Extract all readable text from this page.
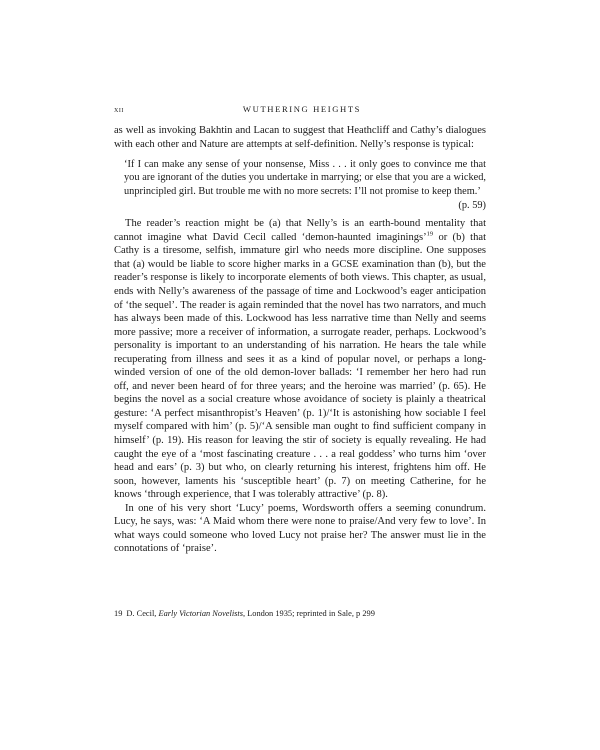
xii	WUTHERING HEIGHTS

as well as invoking Bakhtin and Lacan to suggest that Heathcliff and Cathy’s dialogues with each other and Nature are attempts at self-definition. Nelly’s response is typical:

‘If I can make any sense of your nonsense, Miss . . . it only goes to convince me that you are ignorant of the duties you undertake in marrying; or else that you are a wicked, unprincipled girl. But trouble me with no more secrets: I’ll not promise to keep them.’

(p. 59)

The reader’s reaction might be (a) that Nelly’s is an earth-bound mentality that cannot imagine what David Cecil called ‘demon-haunted imaginings’$^{19}$ or (b) that Cathy is a tiresome, selfish, immature girl who needs more discipline. One supposes that (a) would be liable to score higher marks in a GCSE examination than (b), but the reader’s response is likely to incorporate elements of both views. This chapter, as usual, ends with Nelly’s awareness of the passage of time and Lockwood’s eager anticipation of ‘the sequel’. The reader is again reminded that the novel has two narrators, and much has always been made of this. Lockwood has less narrative time than Nelly and seems more passive; more a receiver of information, a surrogate reader, perhaps. Lockwood’s personality is important to an understanding of his narration. He hears the tale while recuperating from illness and sees it as a kind of popular novel, or perhaps a long-winded version of one of the old demon-lover ballads: ‘I remember her hero had run off, and never been heard of for three years; and the heroine was married’ (p. 65). He begins the novel as a social creature whose avoidance of society is plainly a theatrical gesture: ‘A perfect misanthropist’s Heaven’ (p. 1)/‘It is astonishing how sociable I feel myself compared with him’ (p. 5)/‘A sensible man ought to find sufficient company in himself’ (p. 19). His reason for leaving the stir of society is equally revealing. He had caught the eye of a ‘most fascinating creature . . . a real goddess’ who turns him ‘over head and ears’ (p. 3) but who, on clearly returning his interest, frightens him off. He soon, however, laments his ‘susceptible heart’ (p. 7) on meeting Catherine, for he knows ‘through experience, that I was tolerably attractive’ (p. 8).

In one of his very short ‘Lucy’ poems, Wordsworth offers a seeming conundrum. Lucy, he says, was: ‘A Maid whom there were none to praise/And very few to love’. In what ways could someone who loved Lucy not praise her? The answer must lie in the connotations of ‘praise’.

19 D. Cecil, Early Victorian Novelists, London 1935; reprinted in Sale, p 299
